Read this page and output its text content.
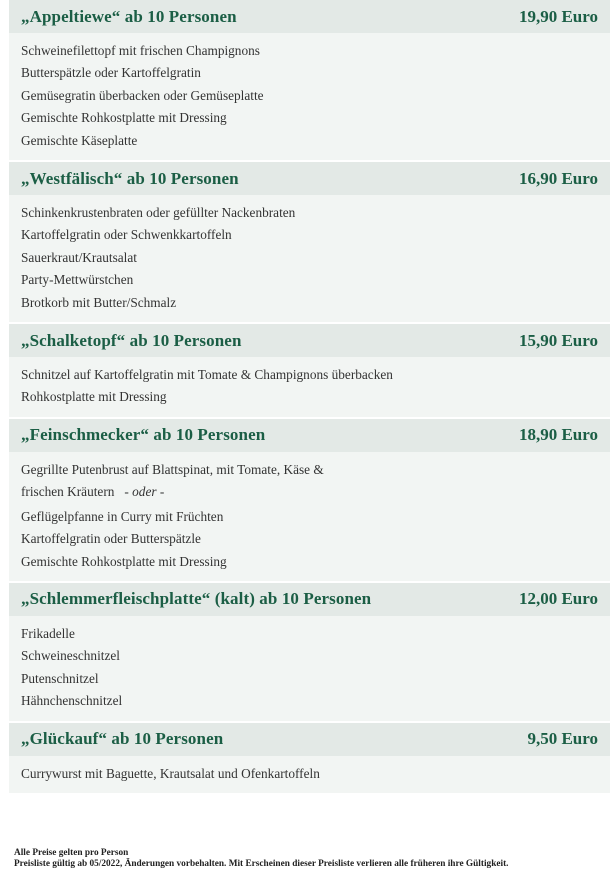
„Appeltiewe“ ab 10 Personen	19,90 Euro
Schweinefilettopf mit frischen Champignons
Butterspätzle oder Kartoffelgratin
Gemüsegratin überbacken oder Gemüseplatte
Gemischte Rohkostplatte mit Dressing
Gemischte Käseplatte
„Westfälisch“ ab 10 Personen	16,90 Euro
Schinkenkrustenbraten oder gefüllter Nackenbraten
Kartoffelgratin oder Schwenkkartoffeln
Sauerkraut/Krautsalat
Party-Mettwürstchen
Brotkorb mit Butter/Schmalz
„Schalketopf“ ab 10 Personen	15,90 Euro
Schnitzel auf Kartoffelgratin mit Tomate & Champignons überbacken
Rohkostplatte mit Dressing
„Feinschmecker“ ab 10 Personen	18,90 Euro
Gegrillte Putenbrust auf Blattspinat, mit Tomate, Käse &
frischen Kräutern - oder -
Geflügelpfanne in Curry mit Früchten
Kartoffelgratin oder Butterspätzle
Gemischte Rohkostplatte mit Dressing
„Schlemmerfleischplatte“ (kalt) ab 10 Personen	12,00 Euro
Frikadelle
Schweineschnitzel
Putenschnitzel
Hähnchenschnitzel
„Glückauf“ ab 10 Personen	9,50 Euro
Currywurst mit Baguette, Krautsalat und Ofenkartoffeln
Alle Preise gelten pro Person
Preisliste gültig ab 05/2022, Änderungen vorbehalten. Mit Erscheinen dieser Preisliste verlieren alle früheren ihre Gültigkeit.
